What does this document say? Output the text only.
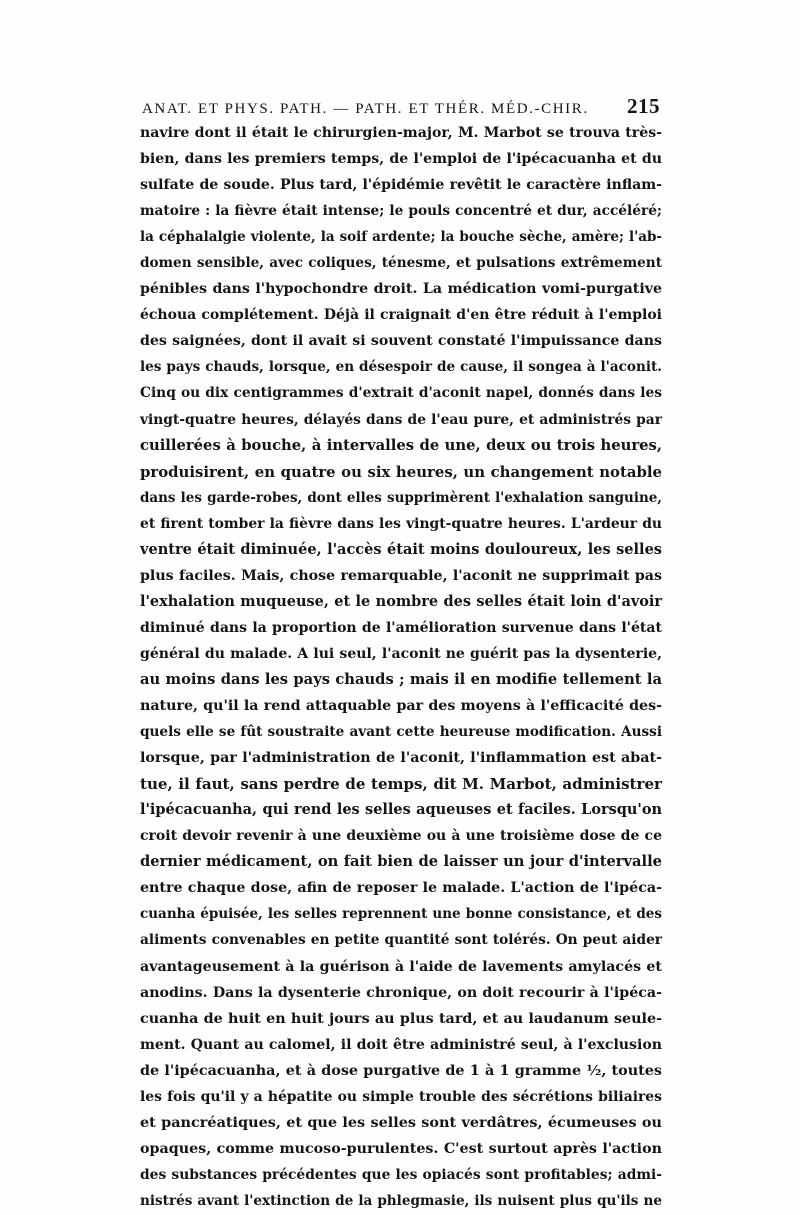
ANAT. ET PHYS. PATH. — PATH. ET THÉR. MÉD.-CHIR. 215
navire dont il était le chirurgien-major, M. Marbot se trouva très-
bien, dans les premiers temps, de l'emploi de l'ipécacuanha et du
sulfate de soude. Plus tard, l'épidémie revêtit le caractère inflam-
matoire : la fièvre était intense; le pouls concentré et dur, accéléré;
la céphalalgie violente, la soif ardente; la bouche sèche, amère; l'ab-
domen sensible, avec coliques, ténesme, et pulsations extrêmement
pénibles dans l'hypochondre droit. La médication vomi-purgative
échoua complétement. Déjà il craignait d'en être réduit à l'emploi
des saignées, dont il avait si souvent constaté l'impuissance dans
les pays chauds, lorsque, en désespoir de cause, il songea à l'aconit.
Cinq ou dix centigrammes d'extrait d'aconit napel, donnés dans les
vingt-quatre heures, délayés dans de l'eau pure, et administrés par
cuillerées à bouche, à intervalles de une, deux ou trois heures,
produisirent, en quatre ou six heures, un changement notable
dans les garde-robes, dont elles supprimèrent l'exhalation sanguine,
et firent tomber la fièvre dans les vingt-quatre heures. L'ardeur du
ventre était diminuée, l'accès était moins douloureux, les selles
plus faciles. Mais, chose remarquable, l'aconit ne supprimait pas
l'exhalation muqueuse, et le nombre des selles était loin d'avoir
diminué dans la proportion de l'amélioration survenue dans l'état
général du malade. A lui seul, l'aconit ne guérit pas la dysenterie,
au moins dans les pays chauds ; mais il en modifie tellement la
nature, qu'il la rend attaquable par des moyens à l'efficacité des-
quels elle se fût soustraite avant cette heureuse modification. Aussi
lorsque, par l'administration de l'aconit, l'inflammation est abat-
tue, il faut, sans perdre de temps, dit M. Marbot, administrer
l'ipécacuanha, qui rend les selles aqueuses et faciles. Lorsqu'on
croit devoir revenir à une deuxième ou à une troisième dose de ce
dernier médicament, on fait bien de laisser un jour d'intervalle
entre chaque dose, afin de reposer le malade. L'action de l'ipéca-
cuanha épuisée, les selles reprennent une bonne consistance, et des
aliments convenables en petite quantité sont tolérés. On peut aider
avantageusement à la guérison à l'aide de lavements amylacés et
anodins. Dans la dysenterie chronique, on doit recourir à l'ipéca-
cuanha de huit en huit jours au plus tard, et au laudanum seule-
ment. Quant au calomel, il doit être administré seul, à l'exclusion
de l'ipécacuanha, et à dose purgative de 1 à 1 gramme ½, toutes
les fois qu'il y a hépatite ou simple trouble des sécrétions biliaires
et pancréatiques, et que les selles sont verdâtres, écumeuses ou
opaques, comme mucoso-purulentes. C'est surtout après l'action
des substances précédentes que les opiacés sont profitables; admi-
nistrés avant l'extinction de la phlegmasie, ils nuisent plus qu'ils ne
